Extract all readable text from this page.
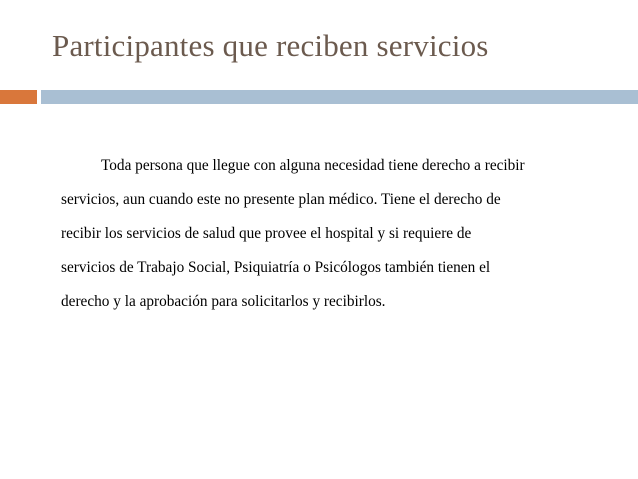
Participantes que reciben servicios
Toda persona que llegue con alguna necesidad tiene derecho a recibir
servicios, aun cuando este no presente plan médico. Tiene el derecho de
recibir los servicios de salud que provee el hospital y si requiere de
servicios de Trabajo Social, Psiquiatría o Psicólogos también tienen el
derecho y la aprobación para solicitarlos y recibirlos.
